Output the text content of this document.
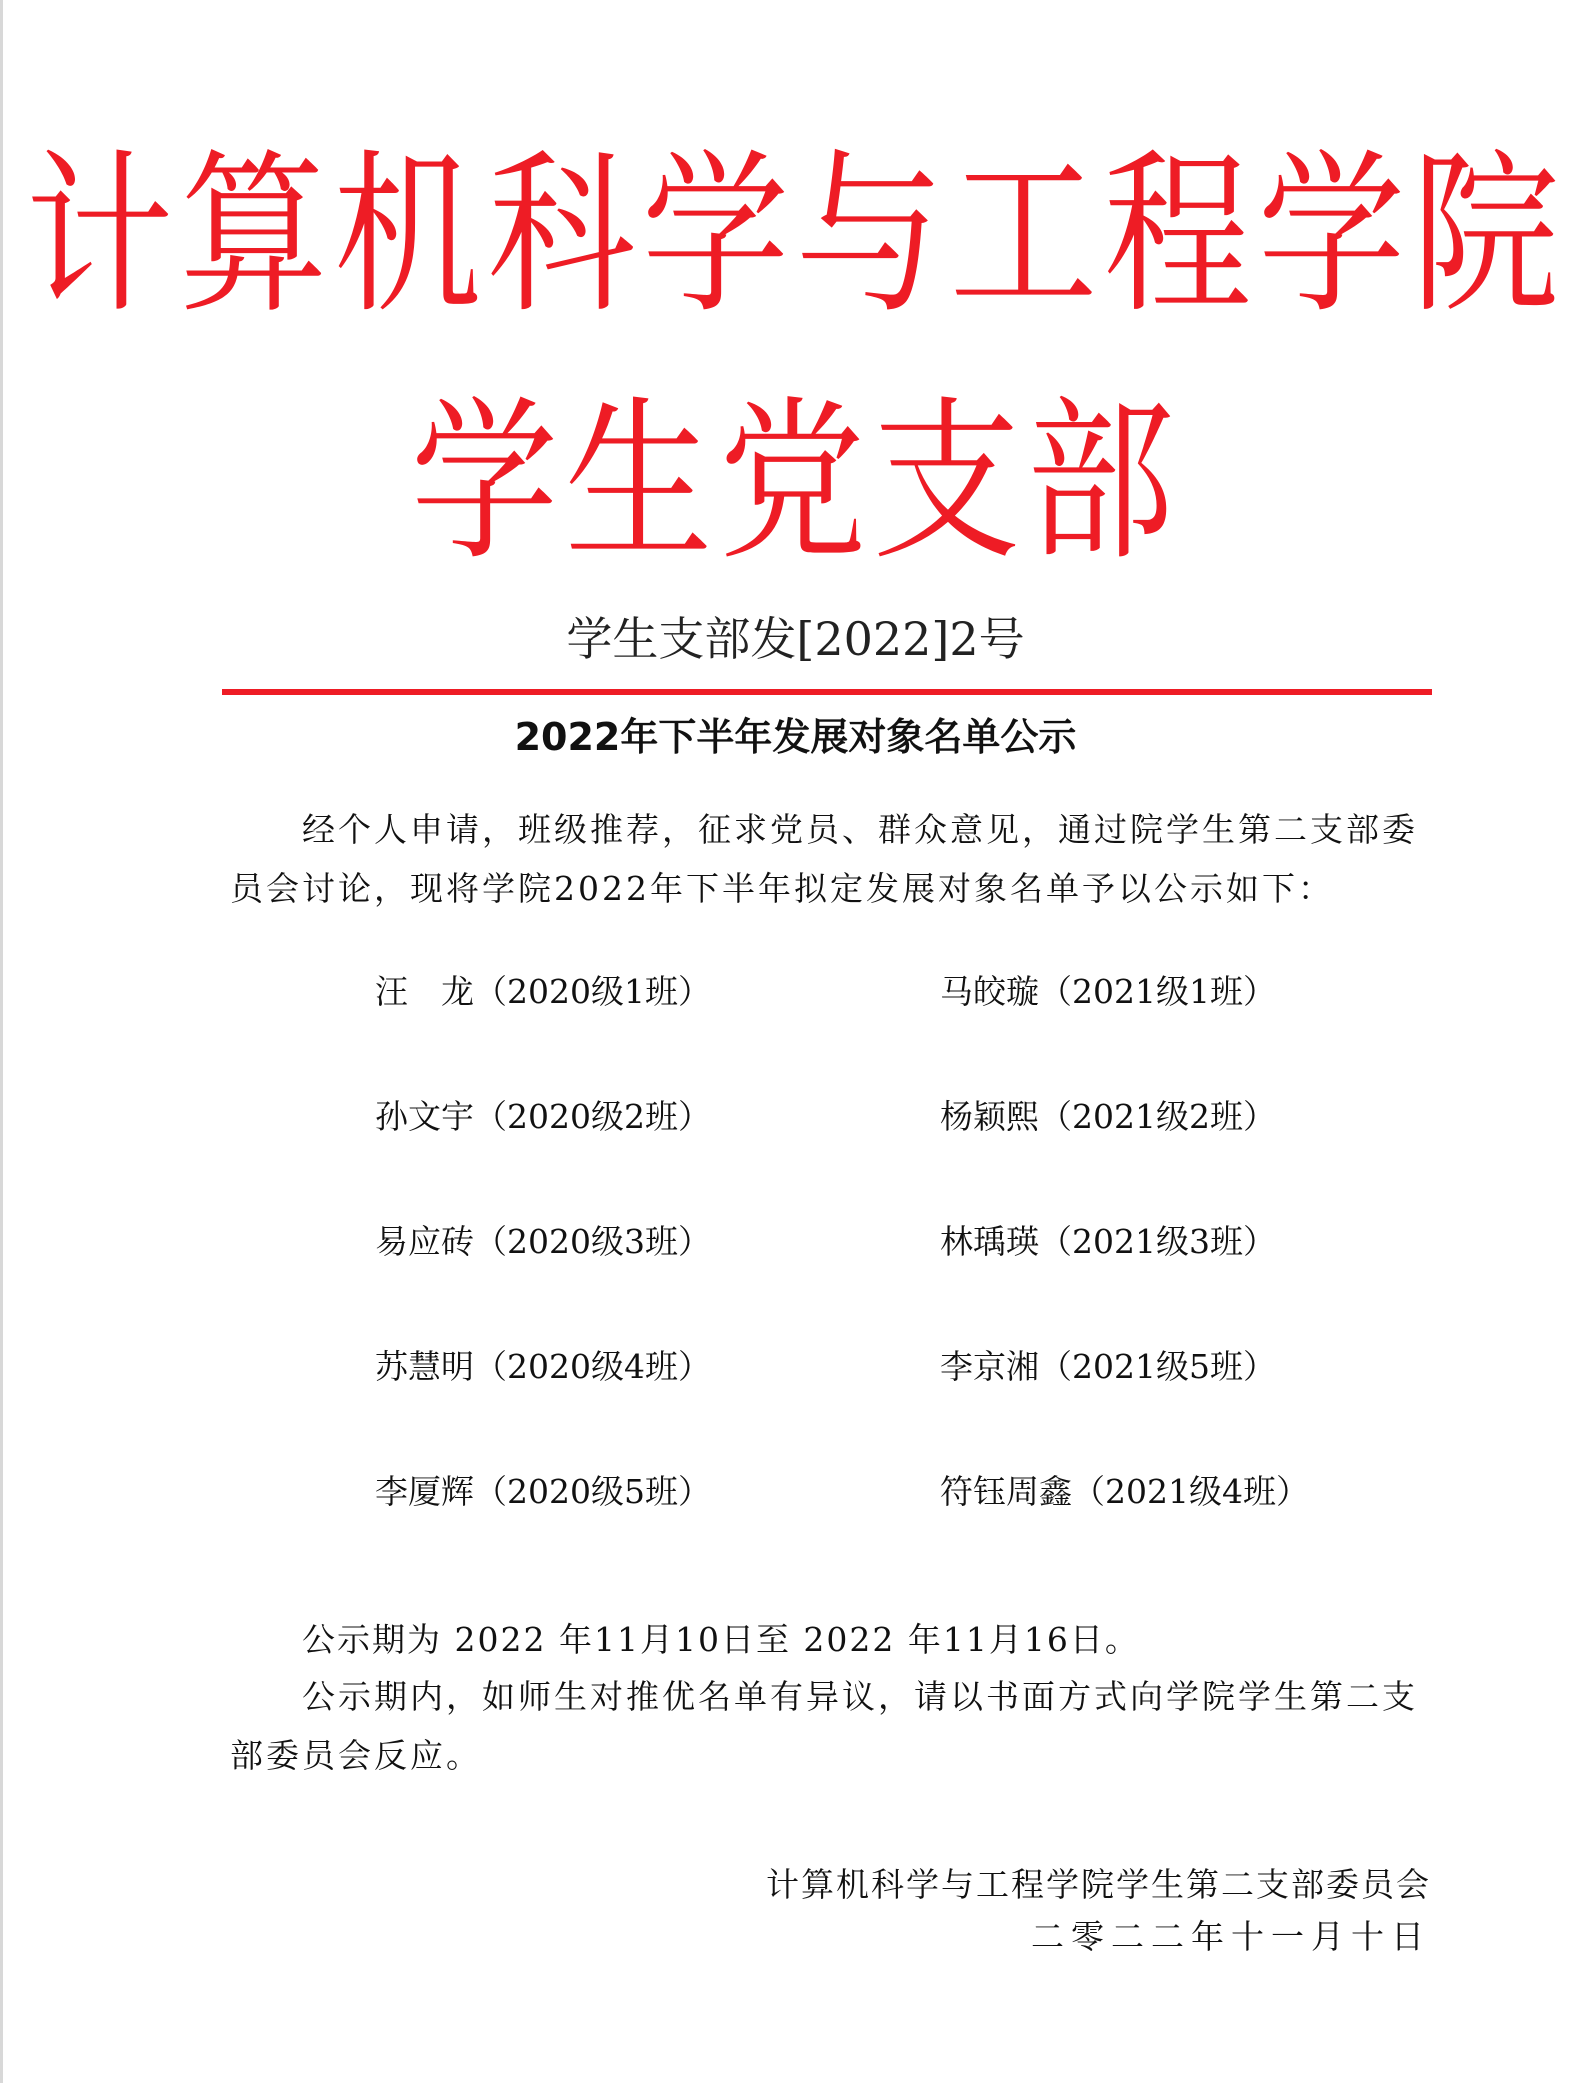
计算机科学与工程学院
学生党支部
学生支部发[2022]2号
2022年下半年发展对象名单公示

经个人申请，班级推荐，征求党员、群众意见，通过院学生第二支部委员会讨论，现将学院2022年下半年拟定发展对象名单予以公示如下：

汪　龙（2020级1班）	马皎璇（2021级1班）
孙文宇（2020级2班）	杨颖熙（2021级2班）
易应砖（2020级3班）	林瑀瑛（2021级3班）
苏慧明（2020级4班）	李京湘（2021级5班）
李厦辉（2020级5班）	符钰周鑫（2021级4班）

公示期为 2022 年11月10日至 2022 年11月16日。

公示期内，如师生对推优名单有异议，请以书面方式向学院学生第二支部委员会反应。

计算机科学与工程学院学生第二支部委员会
二零二二年十一月十日
